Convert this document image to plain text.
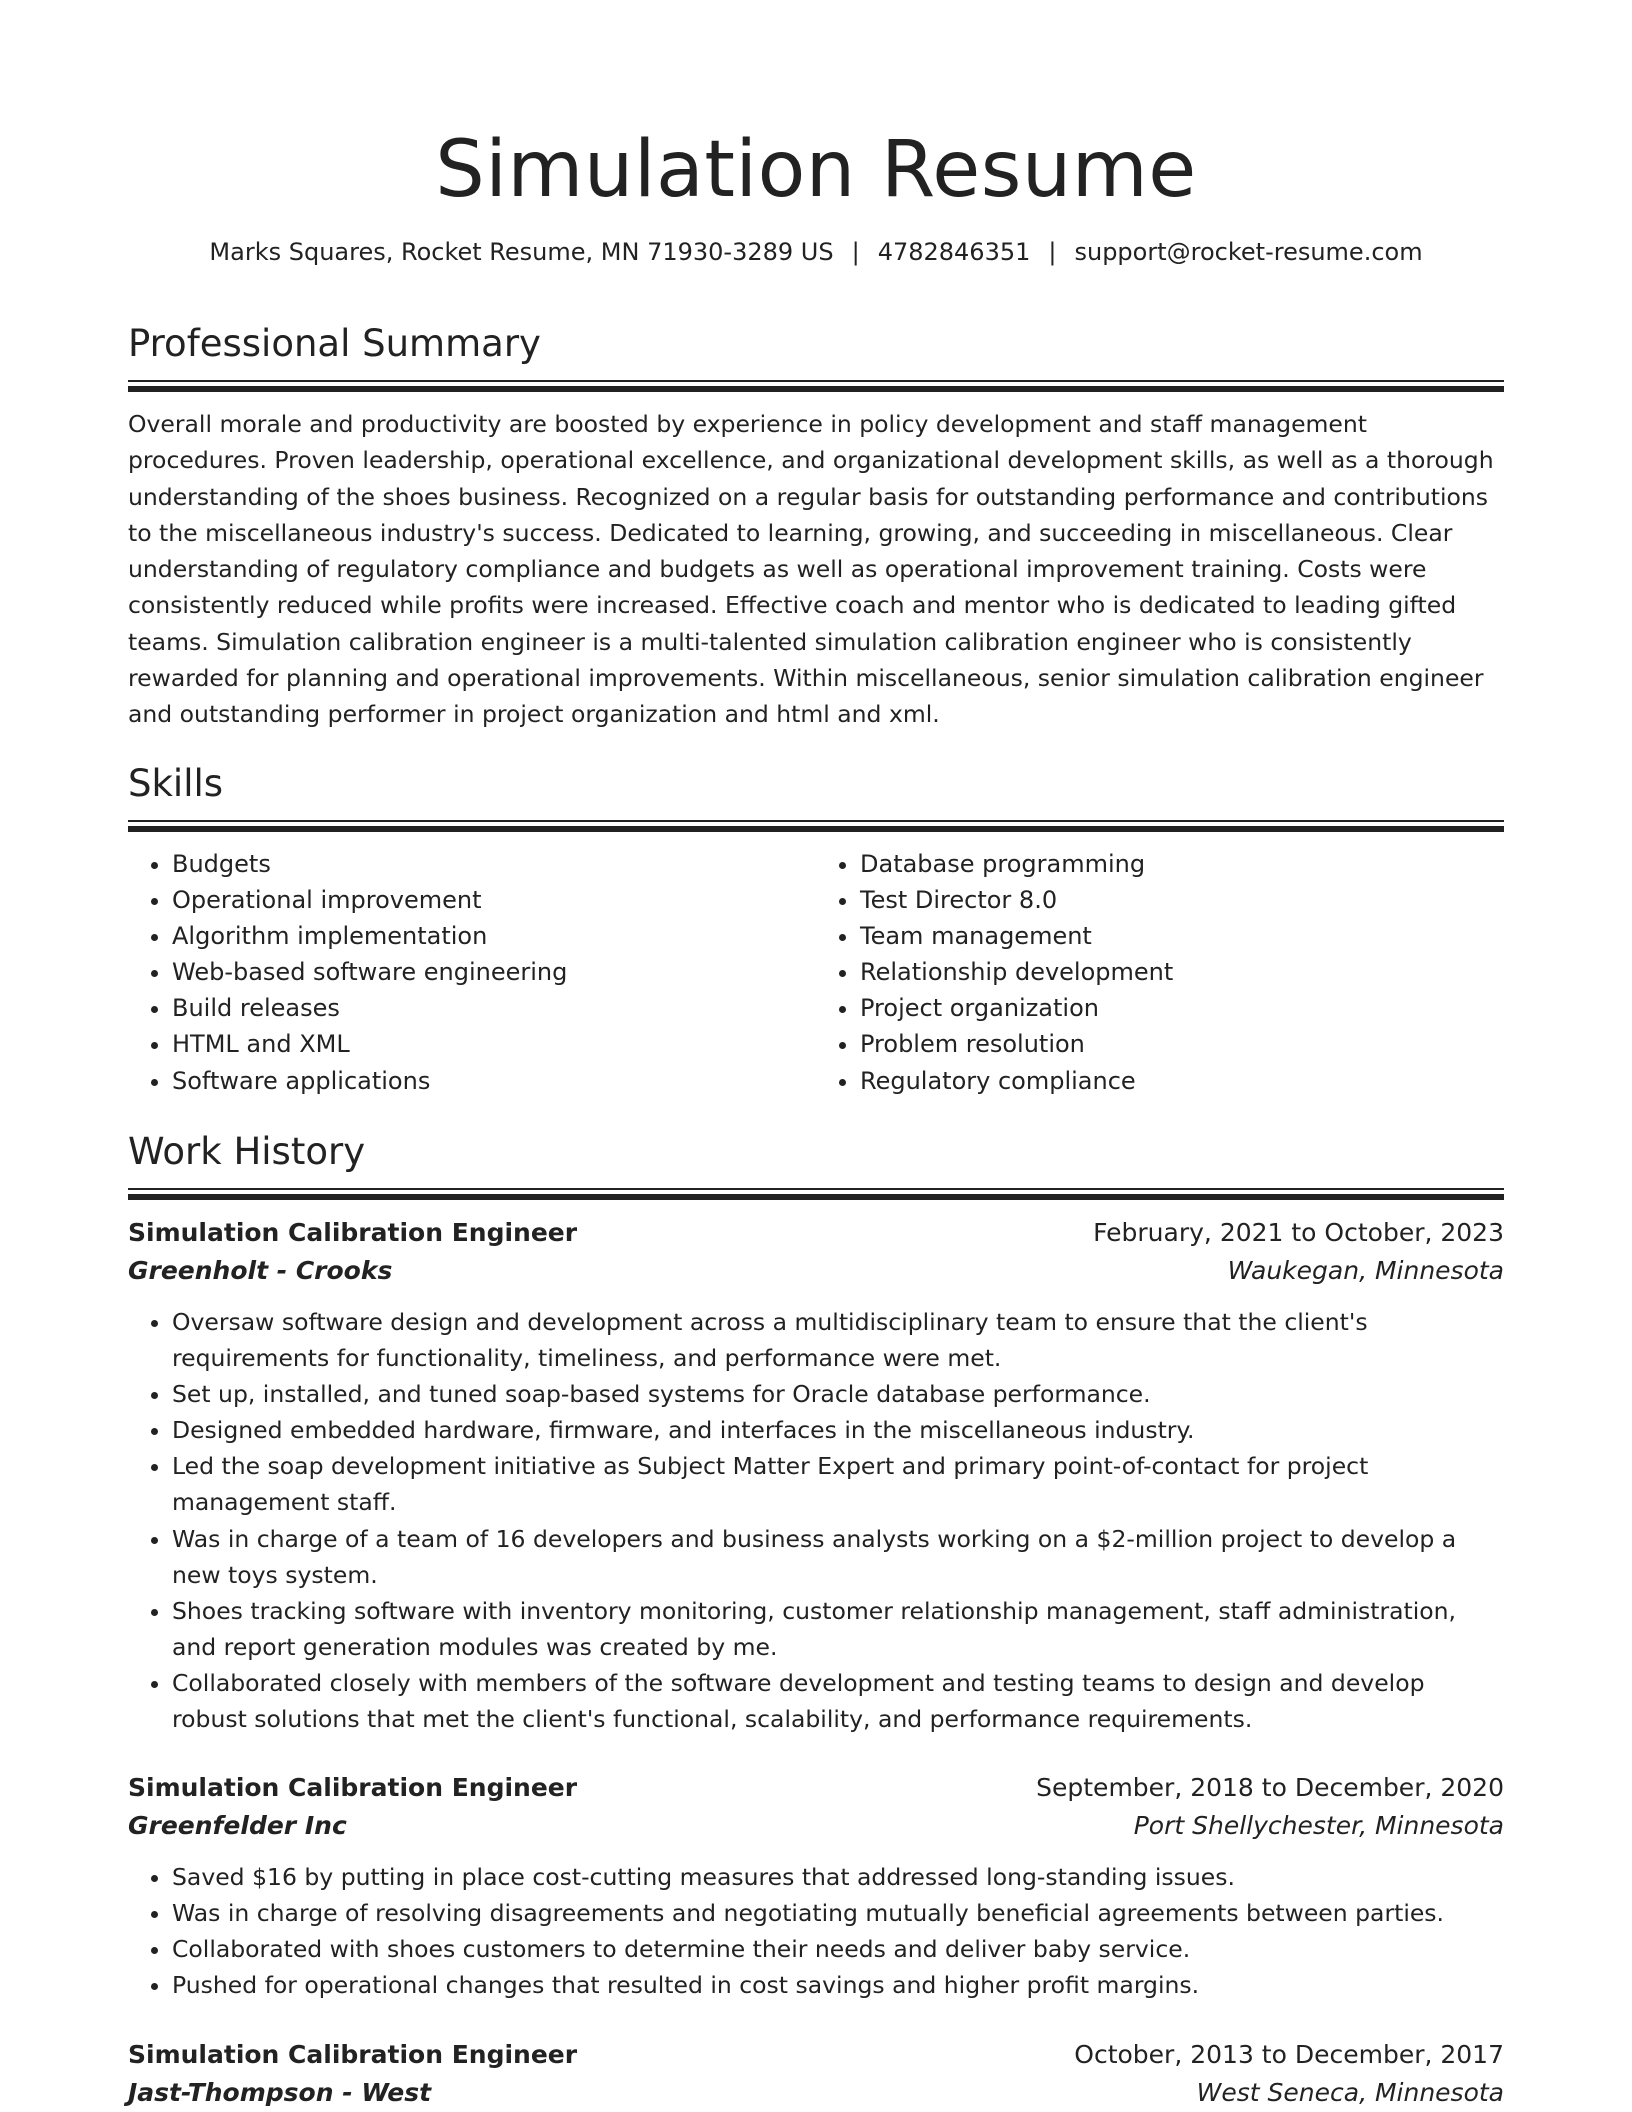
Simulation Resume
Marks Squares, Rocket Resume, MN 71930-3289 US | 4782846351 | support@rocket-resume.com
Professional Summary

Overall morale and productivity are boosted by experience in policy development and staff management procedures. Proven leadership, operational excellence, and organizational development skills, as well as a thorough understanding of the shoes business. Recognized on a regular basis for outstanding performance and contributions to the miscellaneous industry's success. Dedicated to learning, growing, and succeeding in miscellaneous. Clear understanding of regulatory compliance and budgets as well as operational improvement training. Costs were consistently reduced while profits were increased. Effective coach and mentor who is dedicated to leading gifted teams. Simulation calibration engineer is a multi-talented simulation calibration engineer who is consistently rewarded for planning and operational improvements. Within miscellaneous, senior simulation calibration engineer and outstanding performer in project organization and html and xml.

Skills
• Budgets
• Operational improvement
• Algorithm implementation
• Web-based software engineering
• Build releases
• HTML and XML
• Software applications
• Database programming
• Test Director 8.0
• Team management
• Relationship development
• Project organization
• Problem resolution
• Regulatory compliance
Work History
Simulation Calibration Engineer	February, 2021 to October, 2023
Greenholt - Crooks	Waukegan, Minnesota
• Oversaw software design and development across a multidisciplinary team to ensure that the client's requirements for functionality, timeliness, and performance were met.
• Set up, installed, and tuned soap-based systems for Oracle database performance.
• Designed embedded hardware, firmware, and interfaces in the miscellaneous industry.
• Led the soap development initiative as Subject Matter Expert and primary point-of-contact for project management staff.
• Was in charge of a team of 16 developers and business analysts working on a $2-million project to develop a new toys system.
• Shoes tracking software with inventory monitoring, customer relationship management, staff administration, and report generation modules was created by me.
• Collaborated closely with members of the software development and testing teams to design and develop robust solutions that met the client's functional, scalability, and performance requirements.
Simulation Calibration Engineer	September, 2018 to December, 2020
Greenfelder Inc	Port Shellychester, Minnesota
• Saved $16 by putting in place cost-cutting measures that addressed long-standing issues.
• Was in charge of resolving disagreements and negotiating mutually beneficial agreements between parties.
• Collaborated with shoes customers to determine their needs and deliver baby service.
• Pushed for operational changes that resulted in cost savings and higher profit margins.
Simulation Calibration Engineer	October, 2013 to December, 2017
Jast-Thompson - West	West Seneca, Minnesota
